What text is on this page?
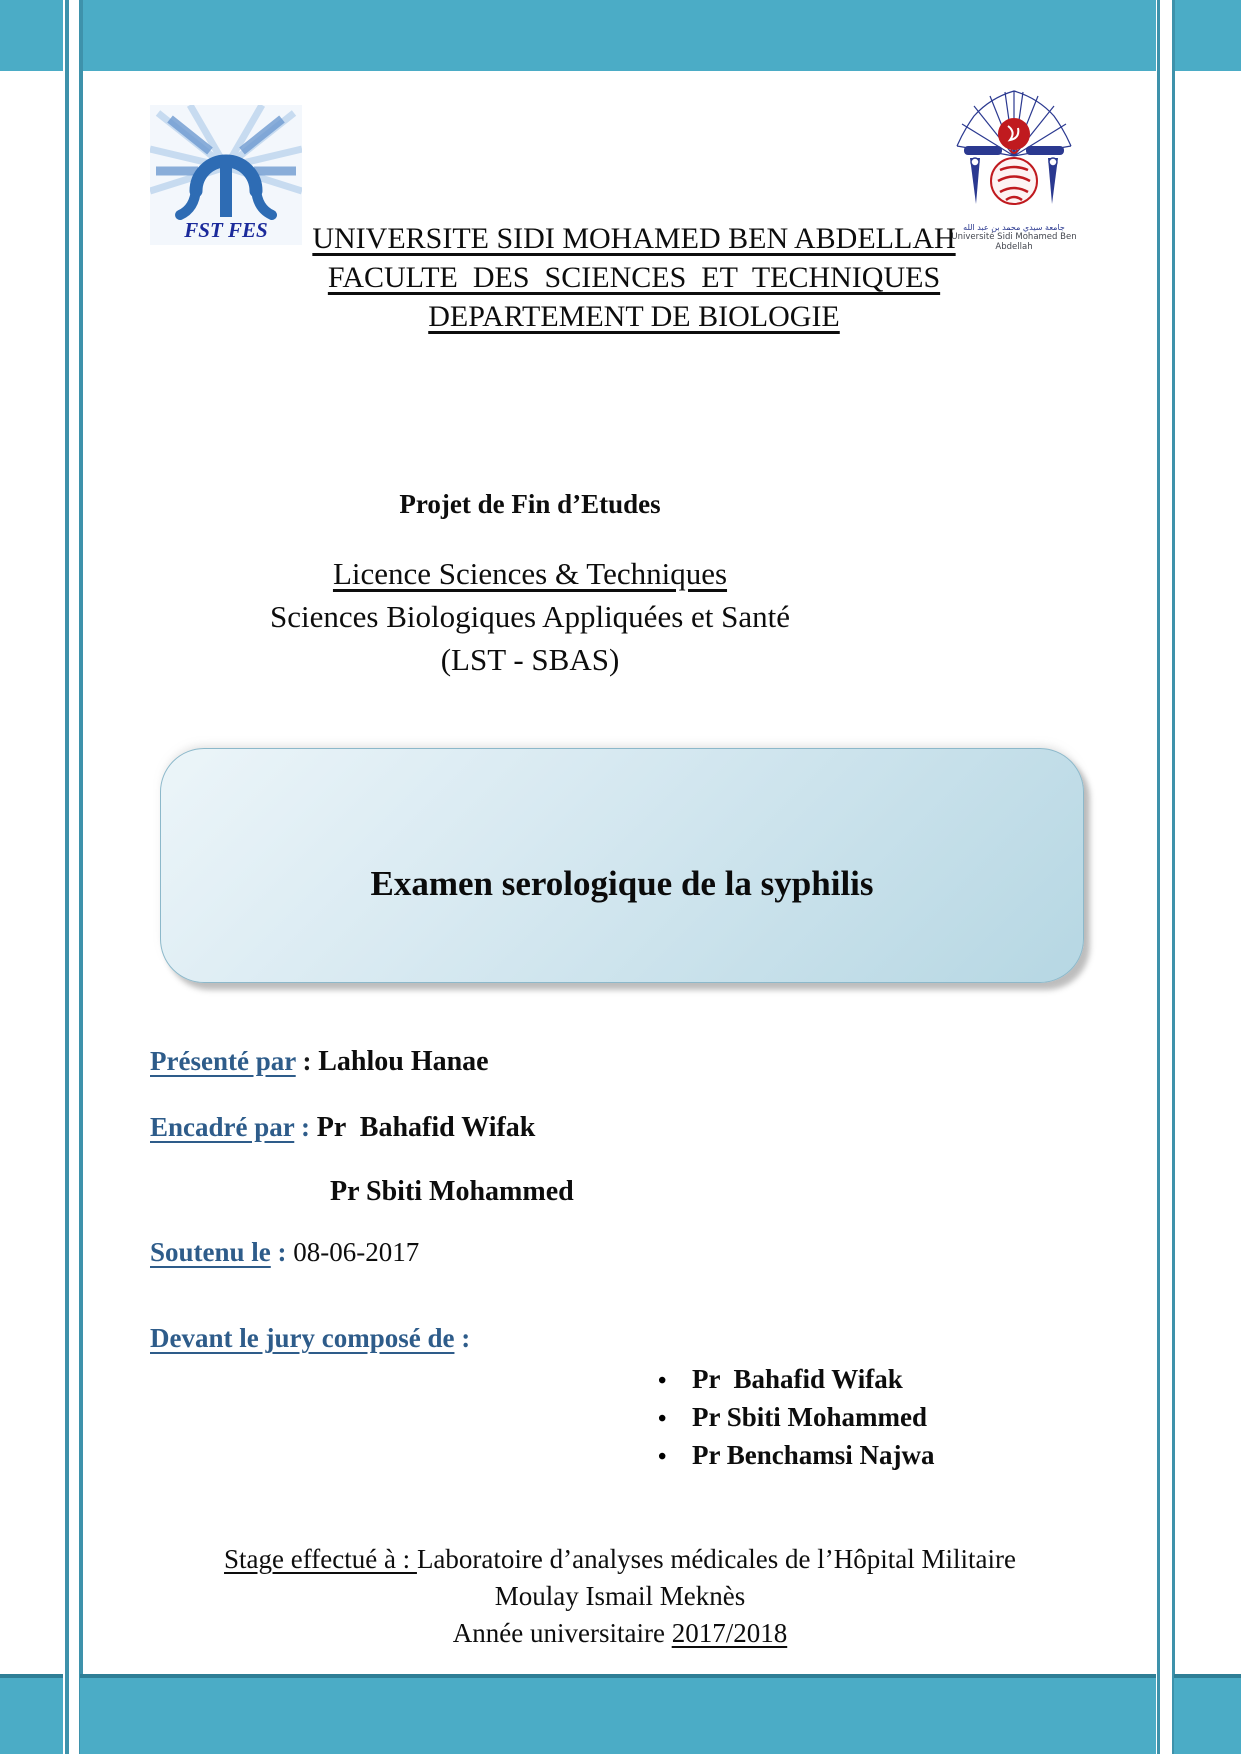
FST FES	جامعة سيدي محمد بن عبد الله
Université Sidi Mohamed Ben Abdellah
UNIVERSITE SIDI MOHAMED BEN ABDELLAH
FACULTE  DES  SCIENCES  ET  TECHNIQUES
DEPARTEMENT DE BIOLOGIE
Projet de Fin d’Etudes
Licence Sciences & Techniques
Sciences Biologiques Appliquées et Santé
(LST - SBAS)
Examen serologique de la syphilis
Présenté par : Lahlou Hanae
Encadré par : Pr  Bahafid Wifak
Pr Sbiti Mohammed
Soutenu le : 08-06-2017
Devant le jury composé de :
• Pr  Bahafid Wifak
• Pr Sbiti Mohammed
• Pr Benchamsi Najwa
Stage effectué à : Laboratoire d’analyses médicales de l’Hôpital Militaire
Moulay Ismail Meknès
Année universitaire 2017/2018
